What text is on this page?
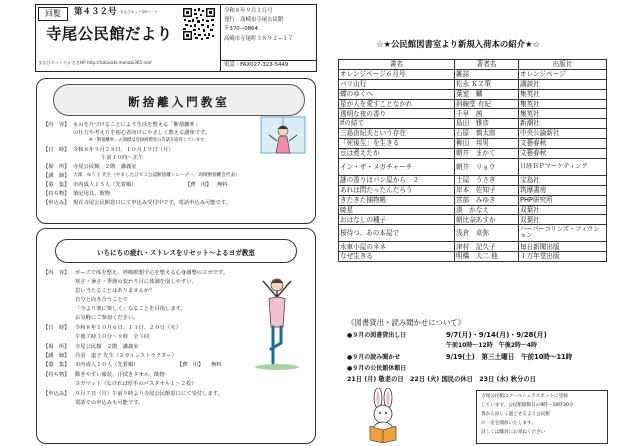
回覧	第４３２号 まなびネットQRコード
寺尾公民館だより
まなびネットたかさきHP http://takasaki.manabi365.net/
令和８年９月１日号
発行：高崎市寺尾公民館
〒370−0864
高崎市寺尾町３８９２−１７
電話・FAX027-323-5449
断捨離入門教室
【内　容】 ものを片づけることにより生活を整える「断捨離®」
の仕方や考え方を初心者向けにやさしく教える講座です。
※「断捨離®」の商標は登録商標者の許諾を取得しています
【日　時】 令和８年９月２８日、１０月１９日（月）
午前１０時〜正午
【場　所】 寺尾公民館　２階　講義室
【講　師】 大澤　ゆう子 先生（やましたひでこ公認断捨離トレーナー、高崎断捨離会代表）
【募　集】 市内成人１５人（先着順）	【費　用】 無料
【持ち物】 筆記用具、飲物
【申込み】 現在寺尾公民館窓口にて申込み受付中です。電話申込み可能です。
いちにちの疲れ・ストレスをリセット〜よるヨガ教室
【内　容】 ポーズで体を整え、呼吸瞑想で心を整える心身調整のヨガです。
寒さ・暑さ・季節の変わり目に体調を崩しやすい、
思い当たることはありませんか？
自分と向き合うことで
「今より楽に楽しく」なることを目指します。
お気軽にご参加ください。
【日　時】 令和８年１０月６日、１３日、２０日（火）
午後７時３０分〜９時　全３回
【場　所】 寺尾公民館　２階　講義室
【講　師】 丹羽　道子 先生（ヨガインストラクター）
【募　集】 市内成人１０人（先着順）	【費　用】 無料
【持ち物】 動きやすい服装、汗拭きタオル、飲物
ヨガマット（なければ厚手のバスタオル１〜２枚）
【申込み】 ９月７日（月）午前９時より寺尾公民館窓口にて受付します。
電話での申込みも可能です。
☆★公民館図書室より新規入荷本の紹介★☆
書名	著者名	出版社
オレンジページ６月号	雑誌	オレンジページ
パリ山行	松永 ＫＺ策	講談社
蝶のゆくへ	葉室　麟	集英社
星が人を愛すことなかれ	斜線堂 有紀	集英社
透明な夜の香り	千早　茜	集英社
Ifの結て	島田　雅彦	新潮社
三島由紀夫という存在	石原　慎太郎	中央公論新社
「死後生」を生きる	柳田　邦男	文藝春秋
豆は煮えたか	朝井　まかて	文藝春秋
イン・ザ・メガチャーチ	朝井　リョウ	日経ＢＰマーケティング
謎の香りはパン屋から　２	土屋　うさぎ	宝島社
あれは閃たったんだろう	岸本　佐知子	筑摩書房
きたきた捕物帳	宮部　みゆき	PHP研究所
暁星	湊　かなえ	双葉社
おはなしの種子	朝比奈あすか	双葉社
桜待つ、あの本屋で	浅倉　卓弥	ハーパーコリンズ・フィクション
水車小屋のネネ	津村　記久子	毎日新聞出版
なぜ生きる	明橋　大二 他	１万年堂出版
《図書貸出・読み聞かせについて》
●９月の図書貸出し日	9/7(月)・9/14(月)・9/28(月)
午前10時〜12時　午後2時〜4時
●９月の読み聞かせ	9/19(土)　第三土曜日　午前10時〜11時
●９月の公民館休館日
21日 (月) 敬老の日　22日 (火) 国民の休日　23日 (水) 秋分の日
寺尾公民館はクールシェアスポットに登録
しています。公民館開館日の9時〜16時30分
暑から涼しく過ごせるよう公民館
の一室を開放いたします。
詳しくは職員にお尋ねください
